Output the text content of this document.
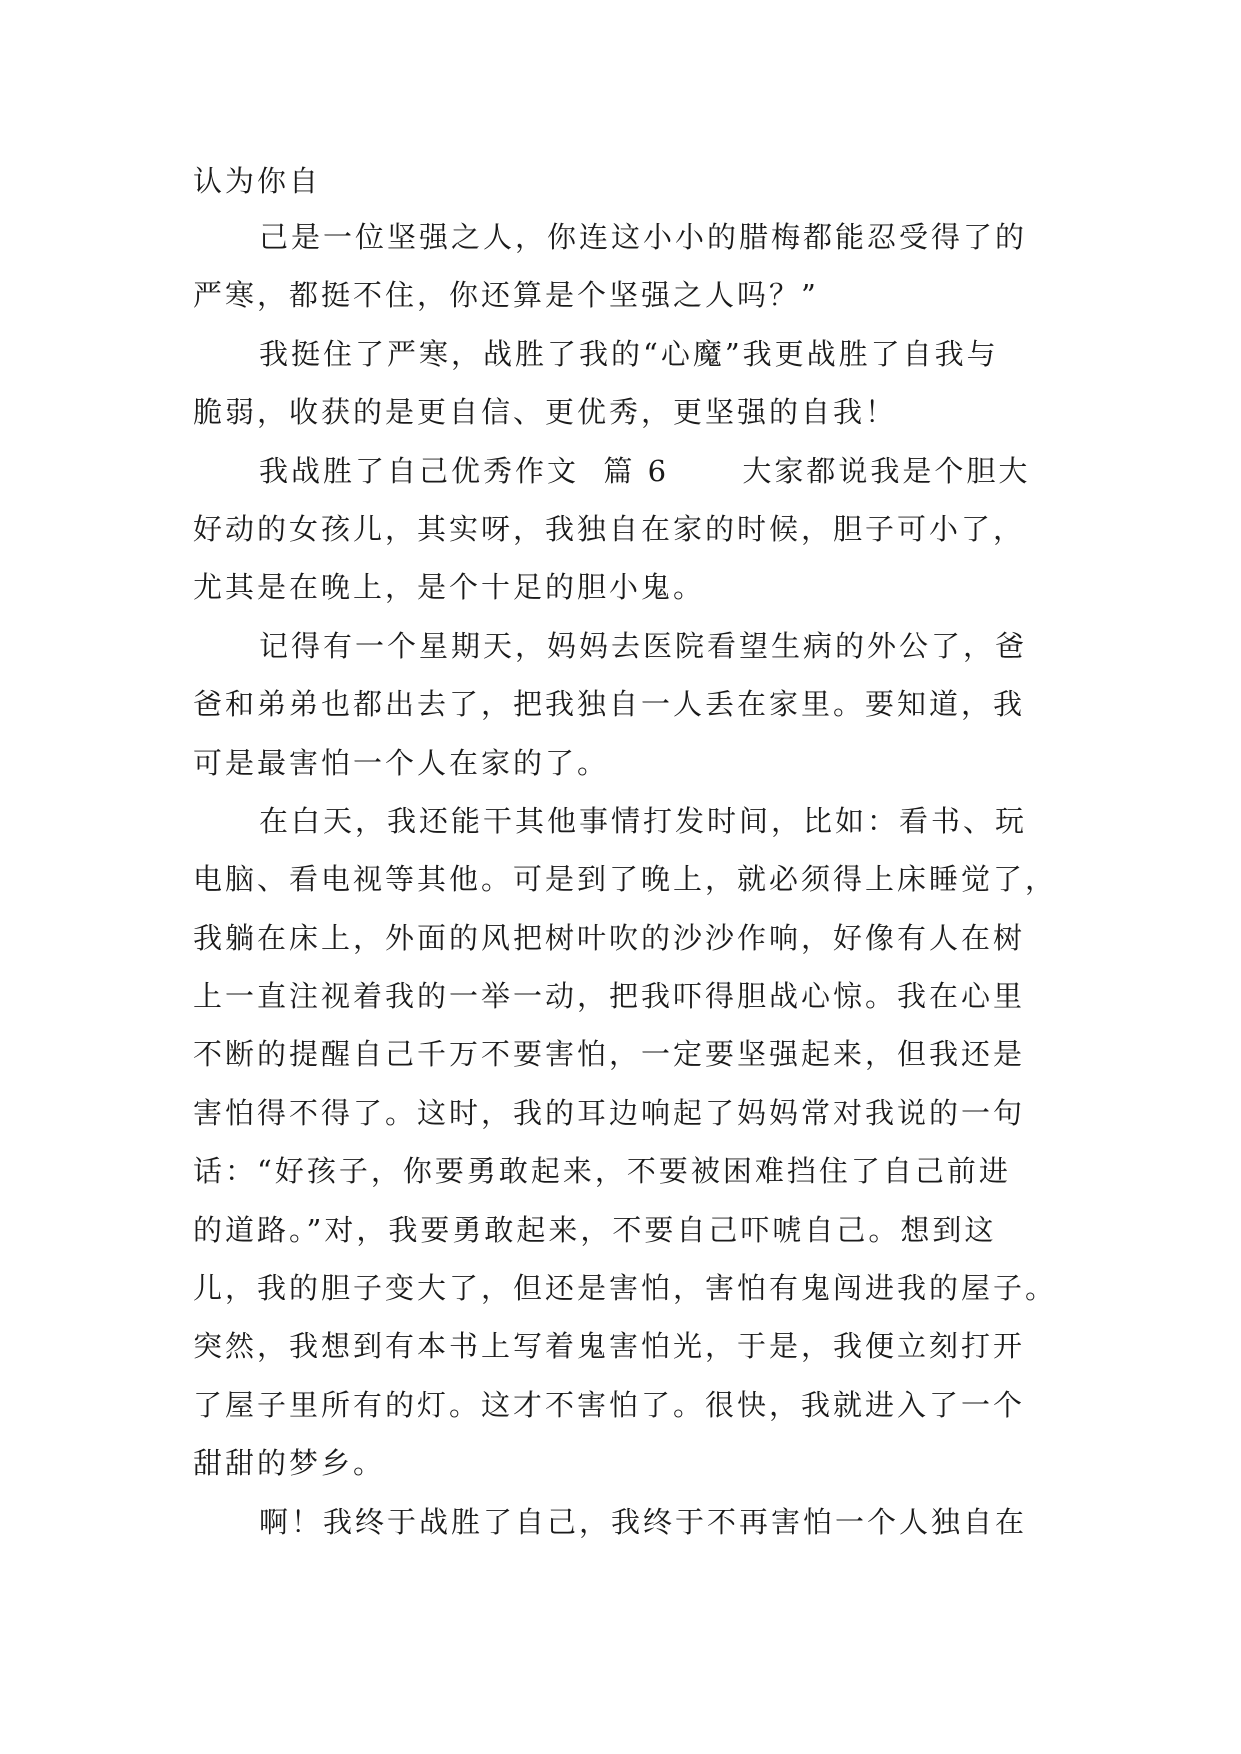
认为你自
己是一位坚强之人，你连这小小的腊梅都能忍受得了的
严寒，都挺不住，你还算是个坚强之人吗？”
我挺住了严寒，战胜了我的“心魔”我更战胜了自我与
脆弱，收获的是更自信、更优秀，更坚强的自我！
我战胜了自己优秀作文  篇 6      大家都说我是个胆大
好动的女孩儿，其实呀，我独自在家的时候，胆子可小了，
尤其是在晚上，是个十足的胆小鬼。
记得有一个星期天，妈妈去医院看望生病的外公了，爸
爸和弟弟也都出去了，把我独自一人丢在家里。要知道，我
可是最害怕一个人在家的了。
在白天，我还能干其他事情打发时间，比如：看书、玩
电脑、看电视等其他。可是到了晚上，就必须得上床睡觉了，
我躺在床上，外面的风把树叶吹的沙沙作响，好像有人在树
上一直注视着我的一举一动，把我吓得胆战心惊。我在心里
不断的提醒自己千万不要害怕，一定要坚强起来，但我还是
害怕得不得了。这时，我的耳边响起了妈妈常对我说的一句
话：“好孩子，你要勇敢起来，不要被困难挡住了自己前进
的道路。”对，我要勇敢起来，不要自己吓唬自己。想到这
儿，我的胆子变大了，但还是害怕，害怕有鬼闯进我的屋子。
突然，我想到有本书上写着鬼害怕光，于是，我便立刻打开
了屋子里所有的灯。这才不害怕了。很快，我就进入了一个
甜甜的梦乡。
啊！我终于战胜了自己，我终于不再害怕一个人独自在
